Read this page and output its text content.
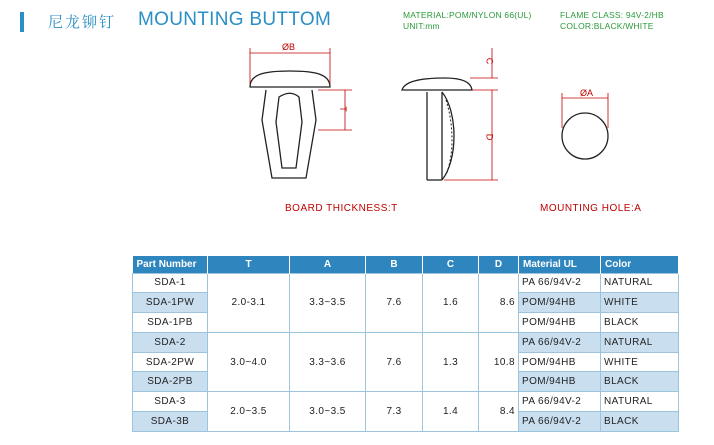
尼龙铆钉 MOUNTING BUTTOM	MATERIAL:POM/NYLON 66(UL)
UNIT:mm
FLAME CLASS: 94V-2/HB
COLOR:BLACK/WHITE
ØB
T
C
D
ØA
BOARD THICKNESS:T	MOUNTING HOLE:A
Part Number	T	A	B	C	D	Material UL	Color
SDA-1	2.0-3.1	3.3~3.5	7.6	1.6	8.6	PA 66/94V-2	NATURAL
SDA-1PW						POM/94HB	WHITE
SDA-1PB						POM/94HB	BLACK
SDA-2	3.0~4.0	3.3~3.6	7.6	1.3	10.8	PA 66/94V-2	NATURAL
SDA-2PW						POM/94HB	WHITE
SDA-2PB						POM/94HB	BLACK
SDA-3	2.0~3.5	3.0~3.5	7.3	1.4	8.4	PA 66/94V-2	NATURAL
SDA-3B						PA 66/94V-2	BLACK
